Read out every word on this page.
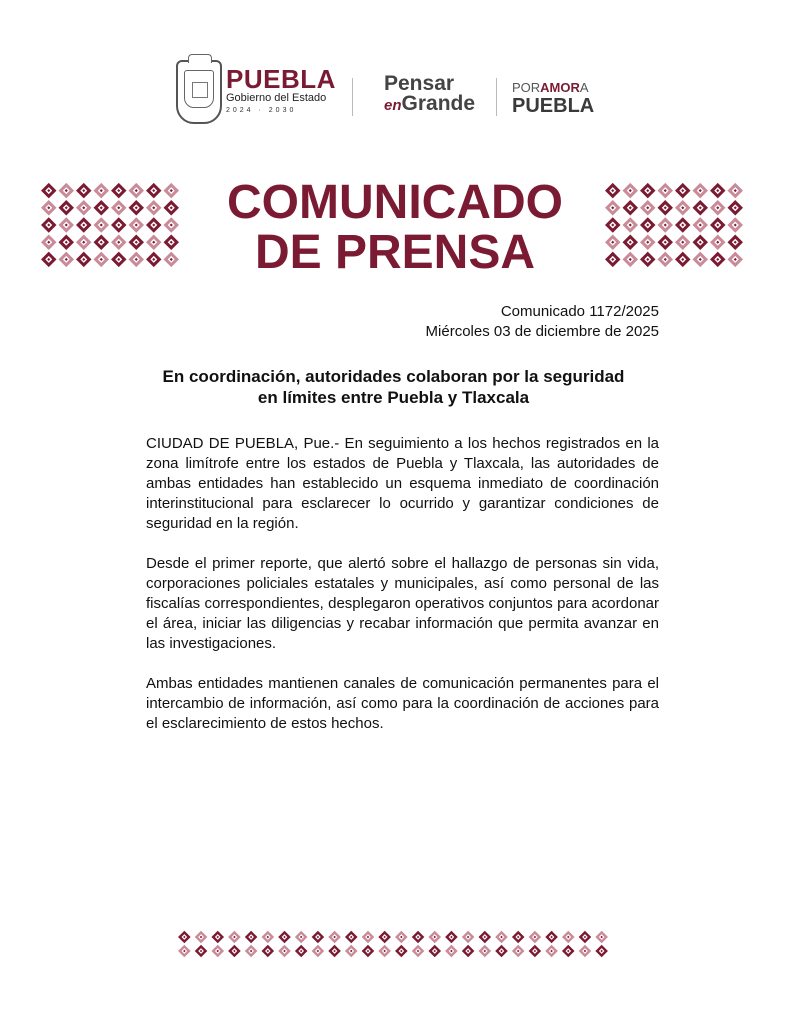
PUEBLA
Gobierno del Estado
2024 · 2030
Pensar
enGrande
PORAMORA
PUEBLA
COMUNICADO
DE PRENSA
Comunicado 1172/2025
Miércoles 03 de diciembre de 2025
En coordinación, autoridades colaboran por la seguridad
en límites entre Puebla y Tlaxcala

CIUDAD DE PUEBLA, Pue.- En seguimiento a los hechos registrados en la zona limítrofe entre los estados de Puebla y Tlaxcala, las autoridades de ambas entidades han establecido un esquema inmediato de coordinación interinstitucional para esclarecer lo ocurrido y garantizar condiciones de seguridad en la región.

Desde el primer reporte, que alertó sobre el hallazgo de personas sin vida, corporaciones policiales estatales y municipales, así como personal de las fiscalías correspondientes, desplegaron operativos conjuntos para acordonar el área, iniciar las diligencias y recabar información que permita avanzar en las investigaciones.

Ambas entidades mantienen canales de comunicación permanentes para el intercambio de información, así como para la coordinación de acciones para el esclarecimiento de estos hechos.
